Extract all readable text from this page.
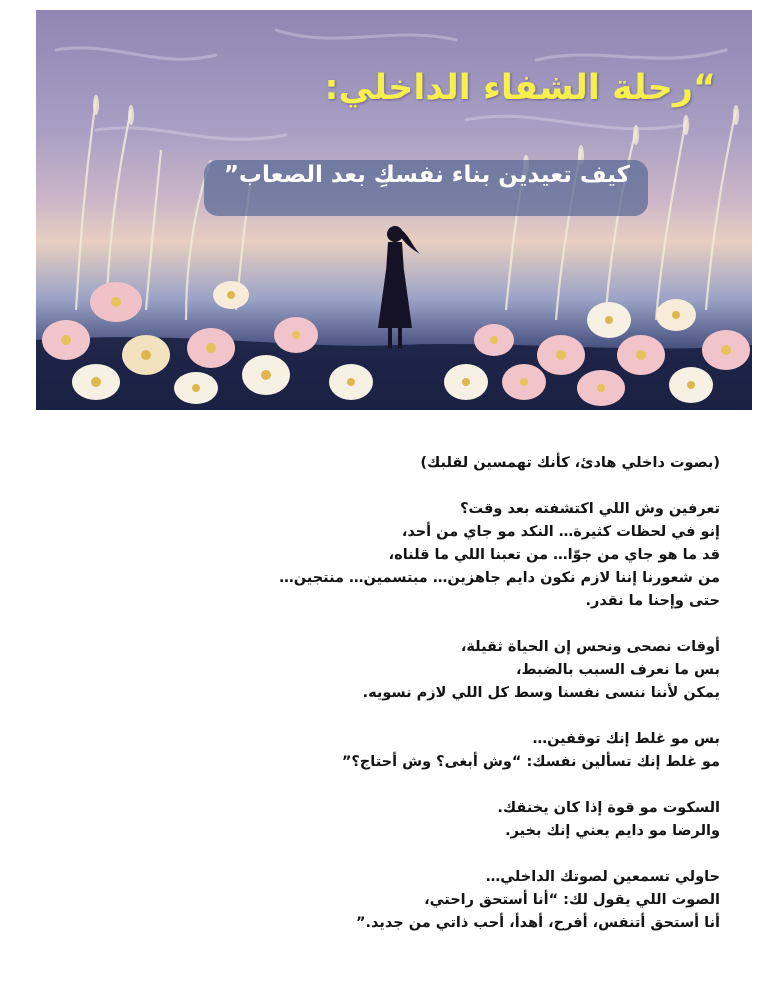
“رحلة الشفاء الداخلي:
كيف تعيدين بناء نفسكِ بعد الصعاب”
(بصوت داخلي هادئ، كأنك تهمسين لقلبك)
تعرفين وش اللي اكتشفته بعد وقت؟
إنو في لحظات كثيرة… النكد مو جاي من أحد،
قد ما هو جاي من جوّا… من تعبنا اللي ما قلناه،
من شعورنا إننا لازم نكون دايم جاهزين… مبتسمين… منتجين…
حتى وإحنا ما نقدر.
أوقات نصحى ونحس إن الحياة ثقيلة،
بس ما نعرف السبب بالضبط،
يمكن لأننا ننسى نفسنا وسط كل اللي لازم نسويه.
بس مو غلط إنك توقفين…
مو غلط إنك تسألين نفسك: “وش أبغى؟ وش أحتاج؟”
السكوت مو قوة إذا كان يخنقك.
والرضا مو دايم يعني إنك بخير.
حاولي تسمعين لصوتك الداخلي…
الصوت اللي يقول لك: “أنا أستحق راحتي،
أنا أستحق أتنفس، أفرح، أهدأ، أحب ذاتي من جديد.”
